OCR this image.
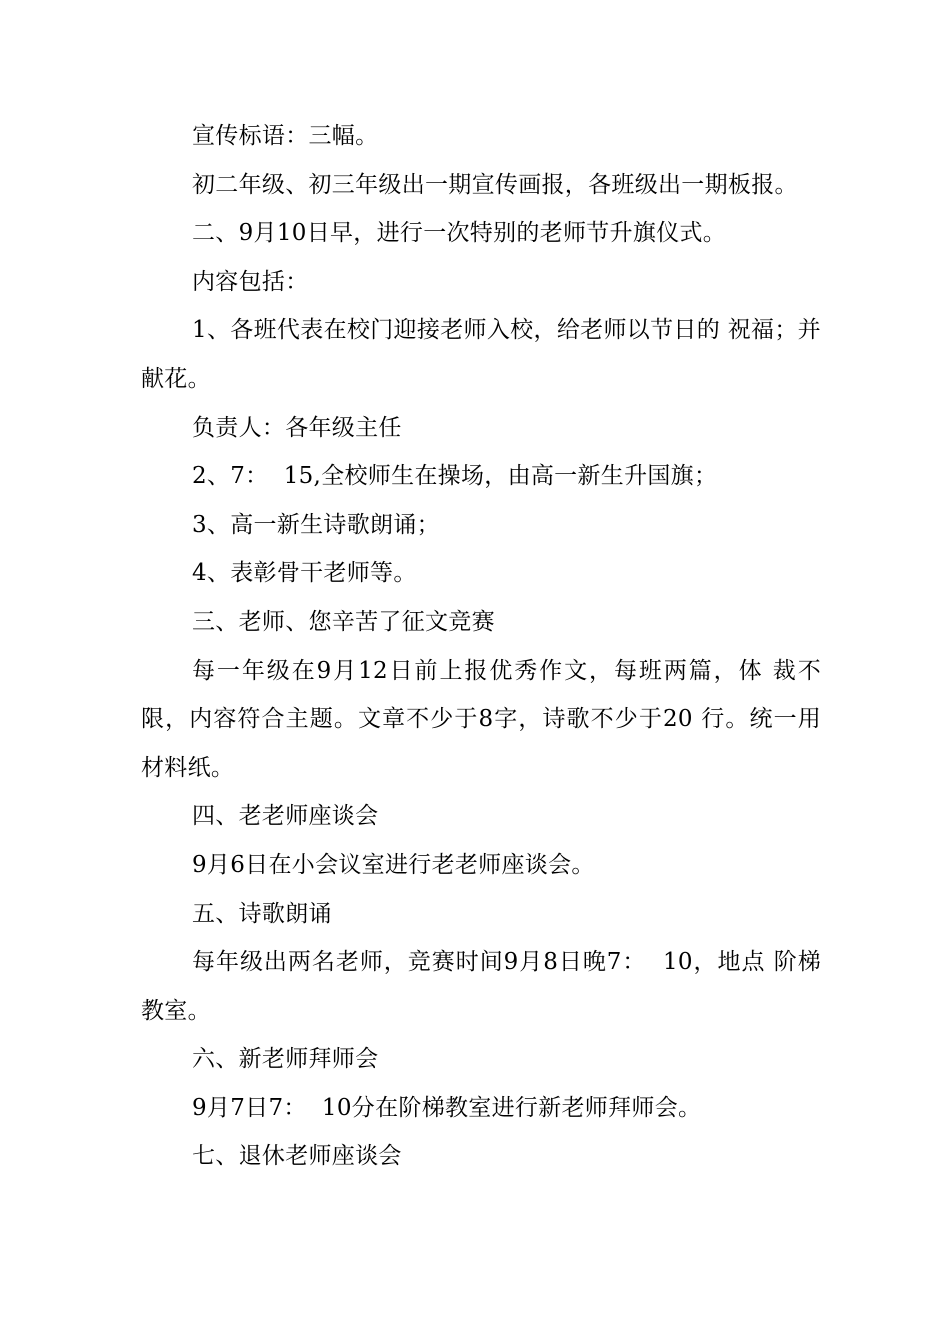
宣传标语：三幅。

初二年级、初三年级出一期宣传画报，各班级出一期板报。

二、9月10日早，进行一次特别的老师节升旗仪式。

内容包括：

1、各班代表在校门迎接老师入校，给老师以节日的 祝福；并献花。

负责人：各年级主任

2、7：  15,全校师生在操场，由高一新生升国旗；

3、高一新生诗歌朗诵；

4、表彰骨干老师等。

三、老师、您辛苦了征文竞赛

每一年级在9月12日前上报优秀作文，每班两篇，体 裁不限，内容符合主题。文章不少于8字，诗歌不少于20 行。统一用材料纸。

四、老老师座谈会

9月6日在小会议室进行老老师座谈会。

五、诗歌朗诵

每年级出两名老师，竞赛时间9月8日晚7：  10，地点 阶梯教室。

六、新老师拜师会

9月7日7：  10分在阶梯教室进行新老师拜师会。

七、退休老师座谈会
